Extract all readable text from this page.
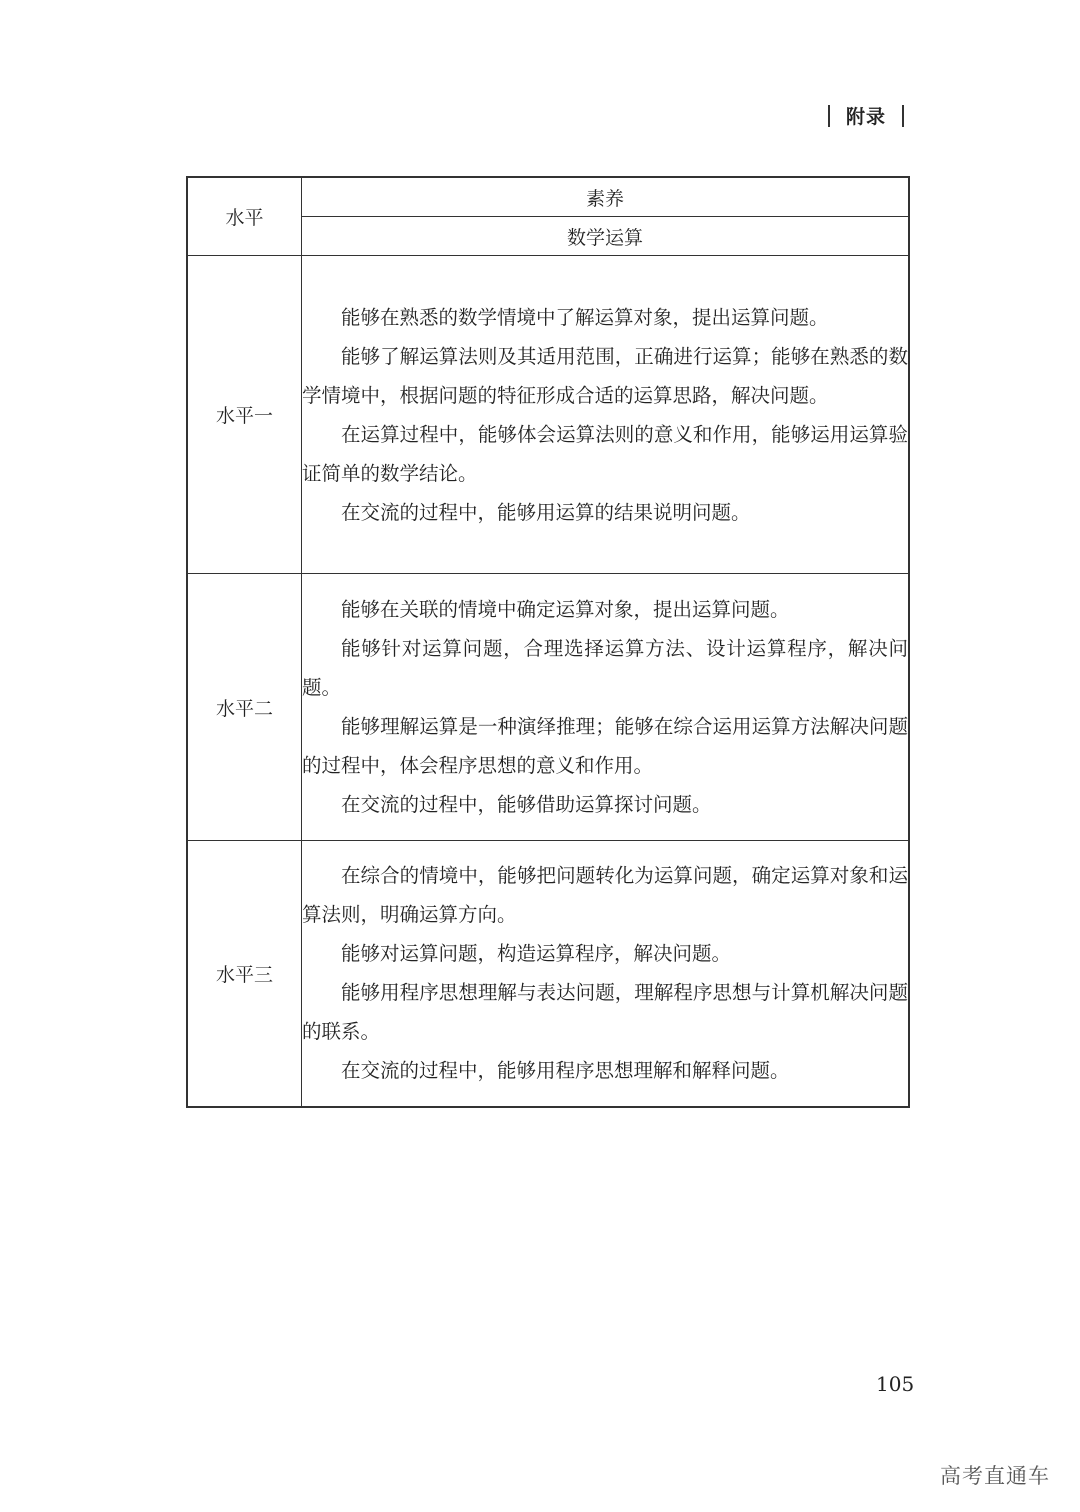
附录
水平	素养
	数学运算
水平一	能够在熟悉的数学情境中了解运算对象，提出运算问题。

能够了解运算法则及其适用范围，正确进行运算；能够在熟悉的数学情境中，根据问题的特征形成合适的运算思路，解决问题。

在运算过程中，能够体会运算法则的意义和作用，能够运用运算验证简单的数学结论。

在交流的过程中，能够用运算的结果说明问题。

水平二	能够在关联的情境中确定运算对象，提出运算问题。

能够针对运算问题，合理选择运算方法、设计运算程序，解决问题。

能够理解运算是一种演绎推理；能够在综合运用运算方法解决问题的过程中，体会程序思想的意义和作用。

在交流的过程中，能够借助运算探讨问题。

水平三	在综合的情境中，能够把问题转化为运算问题，确定运算对象和运算法则，明确运算方向。

能够对运算问题，构造运算程序，解决问题。

能够用程序思想理解与表达问题，理解程序思想与计算机解决问题的联系。

在交流的过程中，能够用程序思想理解和解释问题。

105
高考直通车
